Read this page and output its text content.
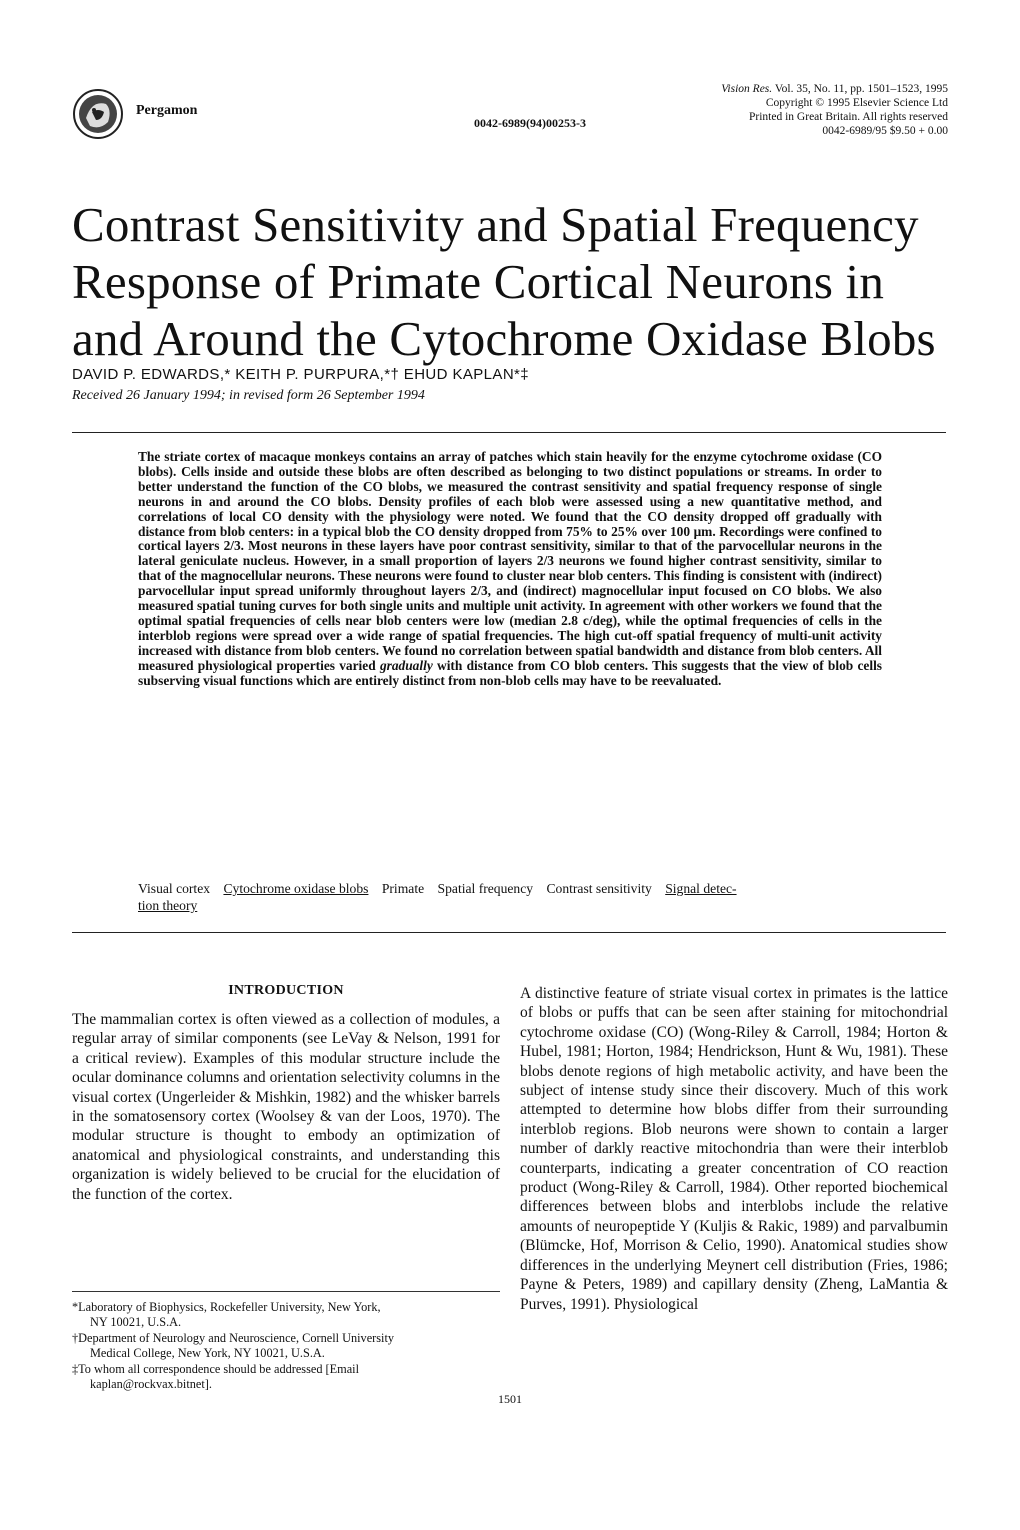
Pergamon
0042-6989(94)00253-3
Vision Res. Vol. 35, No. 11, pp. 1501–1523, 1995
Copyright © 1995 Elsevier Science Ltd
Printed in Great Britain. All rights reserved
0042-6989/95 $9.50 + 0.00
Contrast Sensitivity and Spatial Frequency
Response of Primate Cortical Neurons in
and Around the Cytochrome Oxidase Blobs
DAVID P. EDWARDS,* KEITH P. PURPURA,*† EHUD KAPLAN*‡
Received 26 January 1994; in revised form 26 September 1994
The striate cortex of macaque monkeys contains an array of patches which stain heavily for the enzyme cytochrome oxidase (CO blobs). Cells inside and outside these blobs are often described as belonging to two distinct populations or streams. In order to better understand the function of the CO blobs, we measured the contrast sensitivity and spatial frequency response of single neurons in and around the CO blobs. Density profiles of each blob were assessed using a new quantitative method, and correlations of local CO density with the physiology were noted. We found that the CO density dropped off gradually with distance from blob centers: in a typical blob the CO density dropped from 75% to 25% over 100 μm. Recordings were confined to cortical layers 2/3. Most neurons in these layers have poor contrast sensitivity, similar to that of the parvocellular neurons in the lateral geniculate nucleus. However, in a small proportion of layers 2/3 neurons we found higher contrast sensitivity, similar to that of the magnocellular neurons. These neurons were found to cluster near blob centers. This finding is consistent with (indirect) parvocellular input spread uniformly throughout layers 2/3, and (indirect) magnocellular input focused on CO blobs. We also measured spatial tuning curves for both single units and multiple unit activity. In agreement with other workers we found that the optimal spatial frequencies of cells near blob centers were low (median 2.8 c/deg), while the optimal frequencies of cells in the interblob regions were spread over a wide range of spatial frequencies. The high cut-off spatial frequency of multi-unit activity increased with distance from blob centers. We found no correlation between spatial bandwidth and distance from blob centers. All measured physiological properties varied gradually with distance from CO blob centers. This suggests that the view of blob cells subserving visual functions which are entirely distinct from non-blob cells may have to be reevaluated.
Visual cortex Cytochrome oxidase blobs Primate Spatial frequency Contrast sensitivity Signal detec-
tion theory
INTRODUCTION
The mammalian cortex is often viewed as a collection of modules, a regular array of similar components (see LeVay & Nelson, 1991 for a critical review). Examples of this modular structure include the ocular dominance columns and orientation selectivity columns in the visual cortex (Ungerleider & Mishkin, 1982) and the whisker barrels in the somatosensory cortex (Woolsey & van der Loos, 1970). The modular structure is thought to embody an optimization of anatomical and physiological constraints, and understanding this organization is widely believed to be crucial for the elucidation of the function of the cortex.
A distinctive feature of striate visual cortex in primates is the lattice of blobs or puffs that can be seen after staining for mitochondrial cytochrome oxidase (CO) (Wong-Riley & Carroll, 1984; Horton & Hubel, 1981; Horton, 1984; Hendrickson, Hunt & Wu, 1981). These blobs denote regions of high metabolic activity, and have been the subject of intense study since their discovery. Much of this work attempted to determine how blobs differ from their surrounding interblob regions. Blob neurons were shown to contain a larger number of darkly reactive mitochondria than were their interblob counterparts, indicating a greater concentration of CO reaction product (Wong-Riley & Carroll, 1984). Other reported biochemical differences between blobs and interblobs include the relative amounts of neuropeptide Y (Kuljis & Rakic, 1989) and parvalbumin (Blümcke, Hof, Morrison & Celio, 1990). Anatomical studies show differences in the underlying Meynert cell distribution (Fries, 1986; Payne & Peters, 1989) and capillary density (Zheng, LaMantia & Purves, 1991). Physiological
*Laboratory of Biophysics, Rockefeller University, New York,
NY 10021, U.S.A.
†Department of Neurology and Neuroscience, Cornell University
Medical College, New York, NY 10021, U.S.A.
‡To whom all correspondence should be addressed [Email
kaplan@rockvax.bitnet].
1501
